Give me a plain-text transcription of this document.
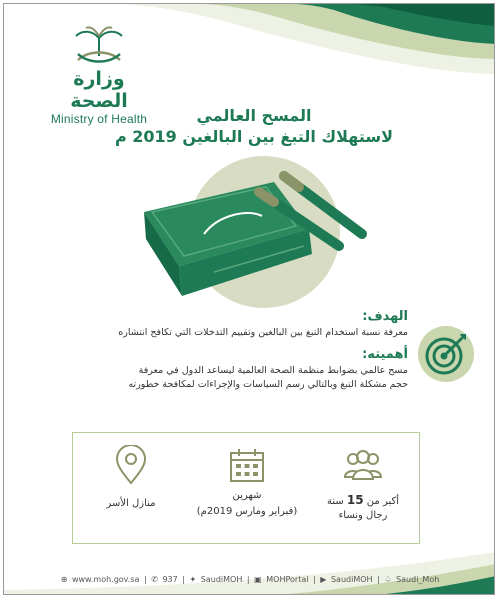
وزارة الصحة
Ministry of Health	المسح العالمي
لاستهلاك التبغ بين البالغين 2019 م
الهدف:
معرفة نسبة استخدام التبغ بين البالغين وتقييم التدخلات التي تكافح انتشاره
أهميته:
مسح عالمي بضوابط منظمة الصحة العالمية ليساعد الدول في معرفة
حجم مشكلة التبغ وبالتالي رسم السياسات والإجراءات لمكافحة خطورته
أكبر من 15 سنة
رجال ونساء
شهرين
(فبراير ومارس 2019م)
منازل الأسر
⊕ www.moh.gov.sa | ✆ 937 | ✦ SaudiMOH | ▣ MOHPortal | ▶ SaudiMOH | ♤ Saudi_Moh
